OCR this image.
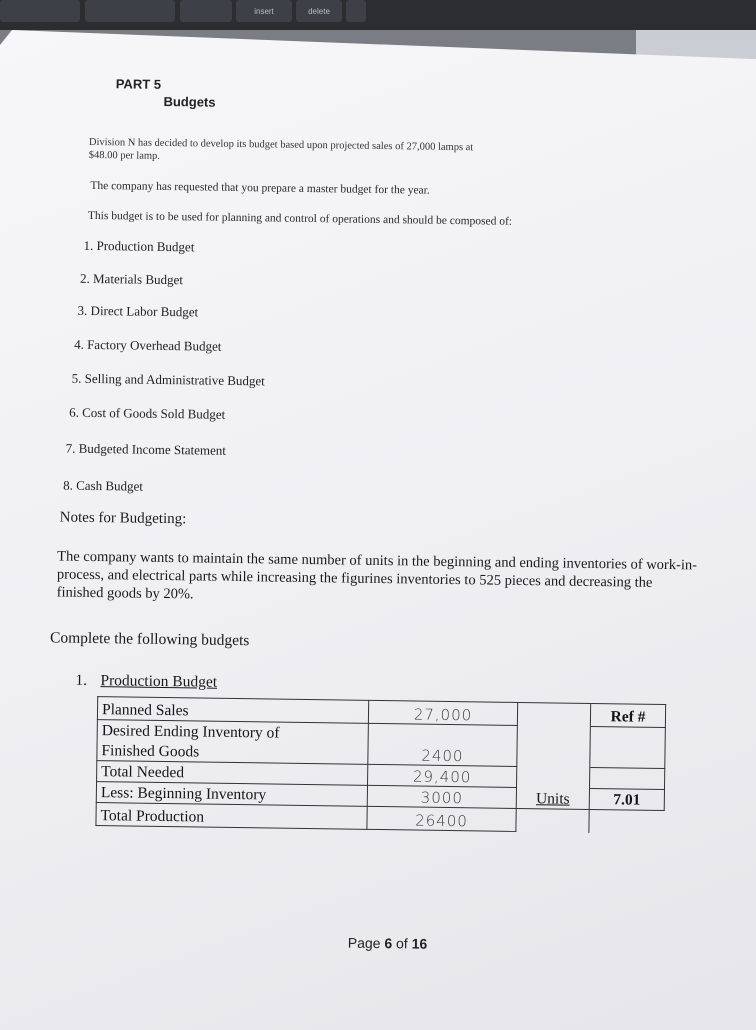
insert	delete
PART 5
Budgets
Division N has decided to develop its budget based upon projected sales of 27,000 lamps at
$48.00 per lamp.
The company has requested that you prepare a master budget for the year.
This budget is to be used for planning and control of operations and should be composed of:
1. Production Budget
2. Materials Budget
3. Direct Labor Budget
4. Factory Overhead Budget
5. Selling and Administrative Budget
6. Cost of Goods Sold Budget
7. Budgeted Income Statement
8. Cash Budget
Notes for Budgeting:
The company wants to maintain the same number of units in the beginning and ending inventories of work-in-process, and electrical parts while increasing the figurines inventories to 525 pieces and decreasing the finished goods by 20%.
Complete the following budgets
1. Production Budget
Planned Sales	27,000		Ref #
Desired Ending Inventory of			
Finished Goods	2400		
Total Needed	29,400		
Less: Beginning Inventory	3000	Units	7.01
Total Production	26400		
Page 6 of 16
